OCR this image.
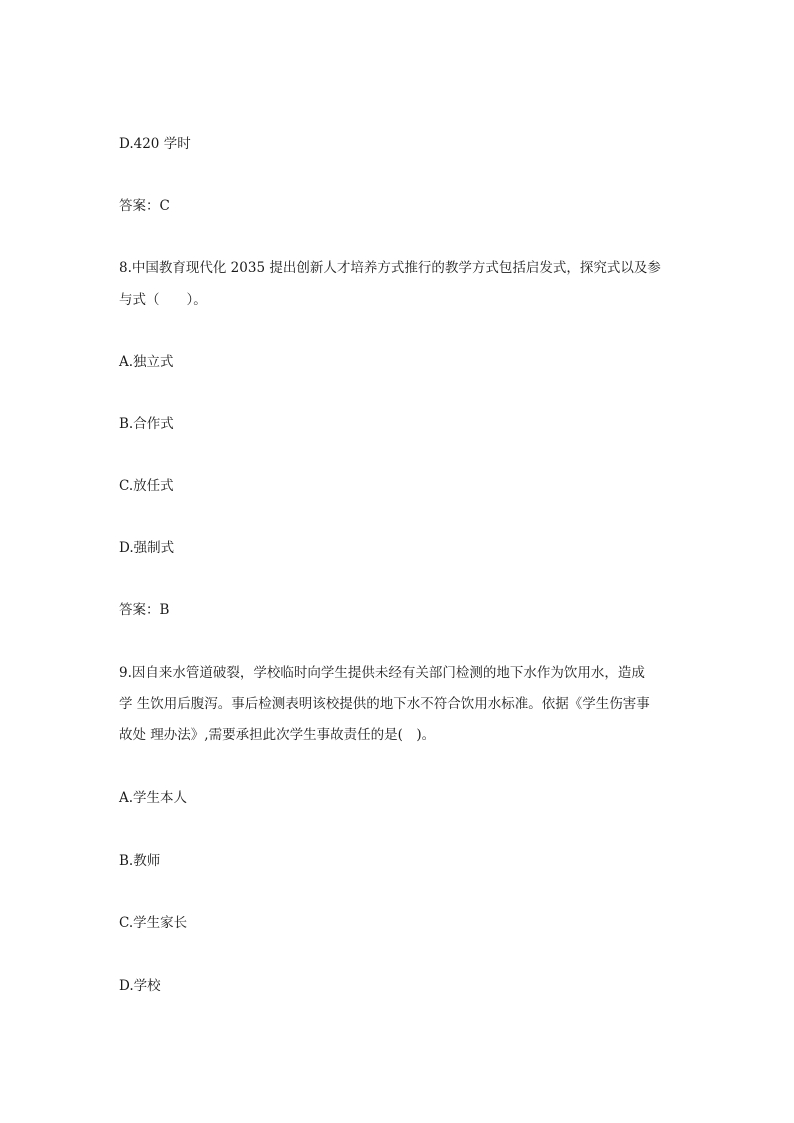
D.420 学时
答案：C
8.中国教育现代化 2035 提出创新人才培养方式推行的教学方式包括启发式，探究式以及参
与式（　　）。
A.独立式
B.合作式
C.放任式
D.强制式
答案：B
9.因自来水管道破裂，学校临时向学生提供未经有关部门检测的地下水作为饮用水，造成
学 生饮用后腹泻。事后检测表明该校提供的地下水不符合饮用水标准。依据《学生伤害事
故处 理办法》,需要承担此次学生事故责任的是(　)。
A.学生本人
B.教师
C.学生家长
D.学校
